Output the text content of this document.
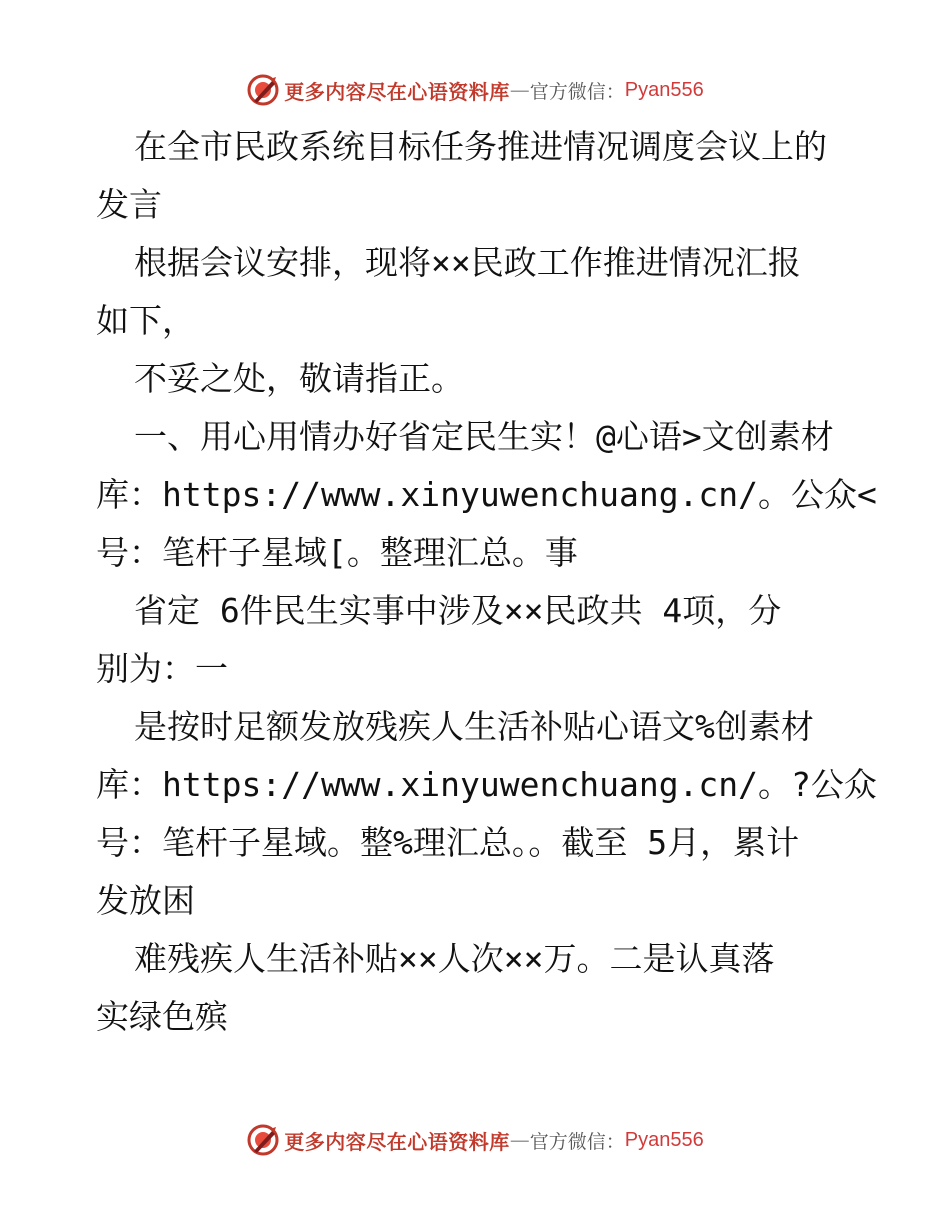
更多内容尽在心语资料库 — 官方微信： Pyan556
在全市民政系统目标任务推进情况调度会议上的
发言
根据会议安排，现将××民政工作推进情况汇报
如下，
不妥之处，敬请指正。
一、用心用情办好省定民生实！@心语>文创素材
库：https://www.xinyuwenchuang.cn/。公众<
号：笔杆子星域[。整理汇总。事
省定 6件民生实事中涉及××民政共 4项，分
别为：一
是按时足额发放残疾人生活补贴心语文%创素材
库：https://www.xinyuwenchuang.cn/。?公众
号：笔杆子星域。整%理汇总。。截至 5月，累计
发放困
难残疾人生活补贴××人次××万。二是认真落
实绿色殡
更多内容尽在心语资料库 — 官方微信： Pyan556
